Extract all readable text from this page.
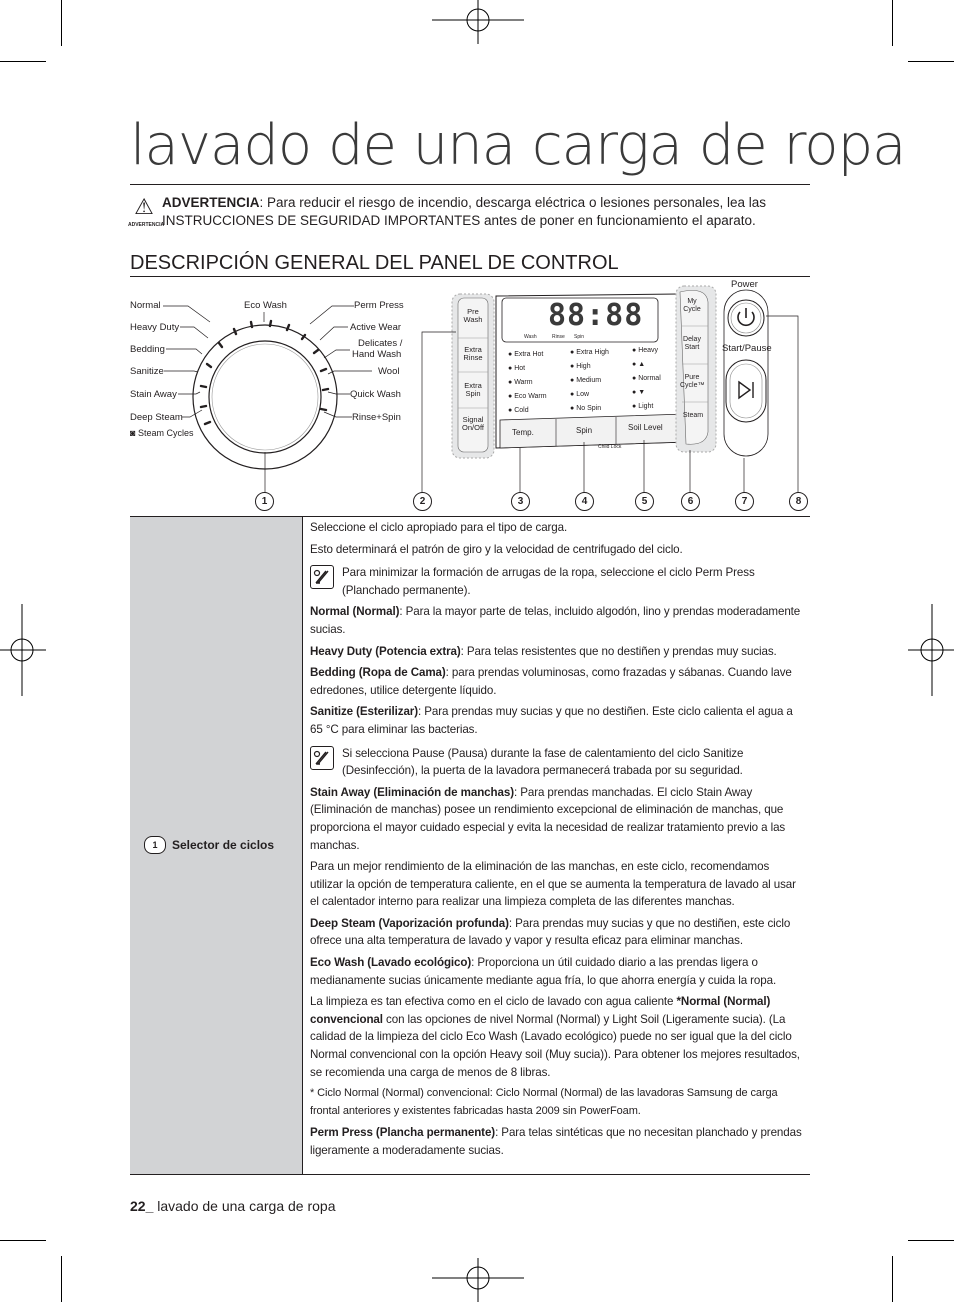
lavado de una carga de ropa
⚠
ADVERTENCIA
ADVERTENCIA: Para reducir el riesgo de incendio, descarga eléctrica o lesiones personales, lea las
INSTRUCCIONES DE SEGURIDAD IMPORTANTES antes de poner en funcionamiento el aparato.
DESCRIPCIÓN GENERAL DEL PANEL DE CONTROL
Normal	Eco Wash	Perm Press
Heavy Duty	Active Wear
Bedding
Delicates /
Hand Wash
Sanitize	Wool
Stain Away	Quick Wash
Deep Steam	Rinse+Spin
◙ Steam Cycles
Pre Wash
Extra Rinse
Extra Spin
Signal On/Off
88:88
Wash	Rinse Spin
● Extra Hot
● Hot
● Warm
● Eco Warm
● Cold
● Extra High
● High
● Medium
● Low
● No Spin
● Heavy
● ▲
● Normal
● ▼
● Light
Temp.	Spin	Soil Level
Child Lock
My Cycle
Delay Start
Pure Cycle™
Steam
Power
Start/Pause
1	2	3	4	5	6	7	8
1	Selector de ciclos

Seleccione el ciclo apropiado para el tipo de carga.

Esto determinará el patrón de giro y la velocidad de centrifugado del ciclo.

Para minimizar la formación de arrugas de la ropa, seleccione el ciclo Perm Press (Planchado permanente).

Normal (Normal): Para la mayor parte de telas, incluido algodón, lino y prendas moderadamente sucias.

Heavy Duty (Potencia extra): Para telas resistentes que no destiñen y prendas muy sucias.

Bedding (Ropa de Cama): para prendas voluminosas, como frazadas y sábanas. Cuando lave edredones, utilice detergente líquido.

Sanitize (Esterilizar): Para prendas muy sucias y que no destiñen. Este ciclo calienta el agua a 65 °C para eliminar las bacterias.

Si selecciona Pause (Pausa) durante la fase de calentamiento del ciclo Sanitize (Desinfección), la puerta de la lavadora permanecerá trabada por su seguridad.

Stain Away (Eliminación de manchas): Para prendas manchadas. El ciclo Stain Away (Eliminación de manchas) posee un rendimiento excepcional de eliminación de manchas, que proporciona el mayor cuidado especial y evita la necesidad de realizar tratamiento previo a las manchas.

Para un mejor rendimiento de la eliminación de las manchas, en este ciclo, recomendamos utilizar la opción de temperatura caliente, en el que se aumenta la temperatura de lavado al usar el calentador interno para realizar una limpieza completa de las diferentes manchas.

Deep Steam (Vaporización profunda): Para prendas muy sucias y que no destiñen, este ciclo ofrece una alta temperatura de lavado y vapor y resulta eficaz para eliminar manchas.

Eco Wash (Lavado ecológico): Proporciona un útil cuidado diario a las prendas ligera o medianamente sucias únicamente mediante agua fría, lo que ahorra energía y cuida la ropa.

La limpieza es tan efectiva como en el ciclo de lavado con agua caliente *Normal (Normal) convencional con las opciones de nivel Normal (Normal) y Light Soil (Ligeramente sucia). (La calidad de la limpieza del ciclo Eco Wash (Lavado ecológico) puede no ser igual que la del ciclo Normal convencional con la opción Heavy soil (Muy sucia)). Para obtener los mejores resultados, se recomienda una carga de menos de 8 libras.

* Ciclo Normal (Normal) convencional: Ciclo Normal (Normal) de las lavadoras Samsung de carga frontal anteriores y existentes fabricadas hasta 2009 sin PowerFoam.

Perm Press (Plancha permanente): Para telas sintéticas que no necesitan planchado y prendas ligeramente a moderadamente sucias.

22_ lavado de una carga de ropa
